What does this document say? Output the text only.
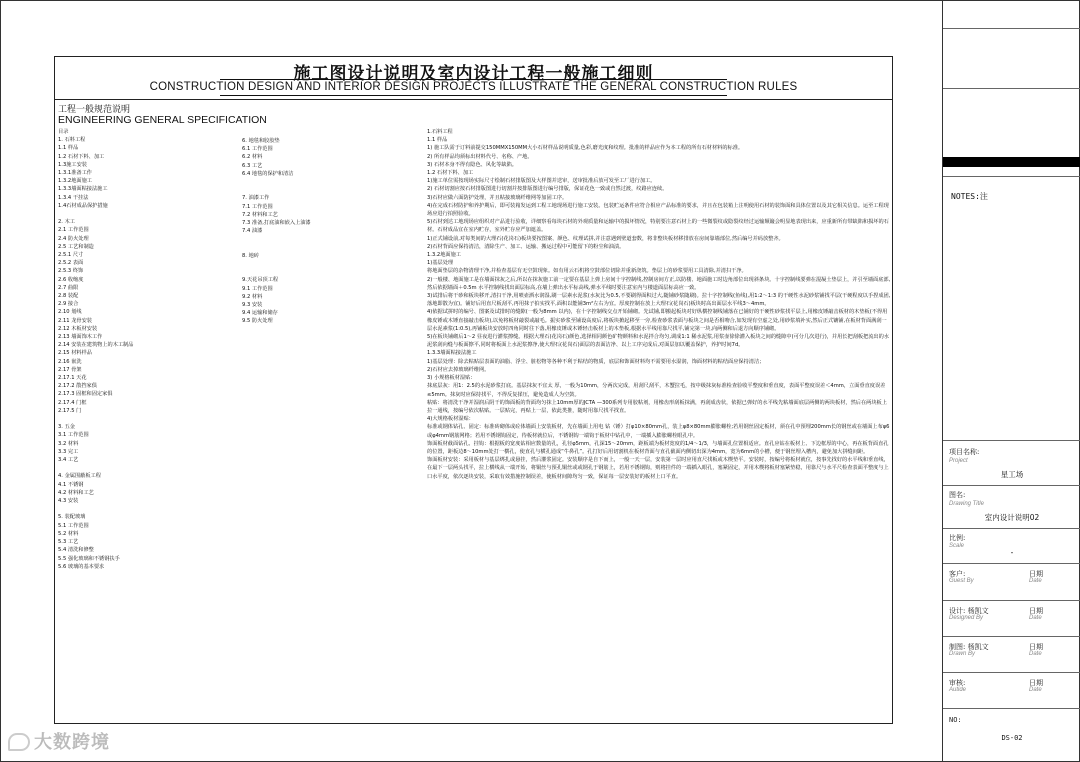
施工图设计说明及室内设计工程一般施工细则
CONSTRUCTION DESIGN AND INTERIOR DESIGN PROJECTS ILLUSTRATE THE GENERAL CONSTRUCTION RULES
工程一般规范说明
ENGINEERING GENERAL SPECIFICATION
目录
1. 石料工程
1.1 样品
1.2 石材下料、加工
1.3施工安装
1.3.1准备工作
1.3.2地面施工
1.3.3墙面粘接法施工
1.3.4 干挂法
1.4石材成品保护措施
2. 木工
2.1 工作范围
2.4 防火处理
2.5 工艺和制造
2.5.1 尺寸
2.5.2 表面
2.5.3 终饰
2.6 收缩度
2.7 曲限
2.8 装配
2.9 接合
2.10 划线
2.11 龙骨安装
2.12 木板材安装
2.13 墙面饰木工作
2.14 安装在建筑物上的木工制品
2.15 材料样品
2.16 嵌洗
2.17 骨架
2.17.1 天花
2.17.2 散挡家俱
2.17.3 固框和固定家俱
2.17.4 门框
2.17.5 门
3. 五金
3.1 工作范围
3.2 材料
3.3 完工
3.4 工艺
4. 金属围蔽板工程
4.1 不锈钢
4.2 材料和工艺
4.3 安装
5. 装配玻璃
5.1 工作范围
5.2 材料
5.3 工艺
5.4 清洗和修整
5.5 强化玻璃和不锈钢扶手
5.6 玻璃的基本要求
6. 地毯和胶胶垫
6.1 工作范围
6.2 材料
6.3 工艺
6.4 地毯的保护和清洁
7. 油漆工作
7.1 工作范围
7.2 材料和工艺
7.3 准备,打底油和嵌入上油漆
7.4 油漆
8. 地砖
9.天花吊顶工程
9.1 工作范围
9.2 材料
9.3 安装
9.4 运输和储存
9.5 防火处理
1.石料工程
1.1 样品
1) 施工队需于订料前提交150MMX150MM大小石材样品说明质量,色彩,磨光度和纹理。批准的样品应作为本工程的所有石材材料的标准。
2) 所有样品均须标出材料代号、名称、产地。
3) 石材本身不得有隐色、风化等缺陷。
1.2 石材下料、加工
1)施工单位需按现场实际尺寸绘制石材排版图及大样图并送审，送审批准后放可发至工厂进行加工。
2) 石材切割应按石材排版图进行切割并按排版图进行编号排版，保证花色一致或自然过渡，纹路应连续。
3)石材应做六面防护处理，并且粘接玻璃纤维网等加固工序。
4)在完成石材防护和养护期后，即可装箱发运到工程工地现场进行施工安装。包装贮运条件应符合相应产品标准的要求，并且在包装箱上注明使用石材的装饰面和具体位置以及其它相关信息。运至工程现场应进行拍照验收。
5)石材到达工地现场应组织对产品进行验收，详细察看每块石材的外观质量和运输中的损坏情况，特别要注意石材上的一些微裂纹或隐裂纹经过运输颠簸会明显地表现出来，应重新所有带缺陷和损坏的石材。石材成品宜在室内贮存，室外贮存应严加遮盖。
1)正式铺设前,对每类间的大理石(花岗石)板块要按图案、颜色、纹理试拼,并注意遇到壁道套数，将非整块板材移排放在房间靠墙部位,然后编号并码放整齐。
2)石材背面应保持清洁，清除生产、加工、运输、搬运过程中可能留下的粉尘和油渍。
1.3.2地面施工
1)基层处理
将地面垫层的杂物清理干净,并检查基层有无空鼓现象。如有用云石机将空鼓部位切除并重新浇筑。垫层上的砂浆要用工具清除,并清扫干净。
2)一般楼、地面施工是在墙面抹灰之后,所以在抹灰施工前一定要在基层上弹上房间十字控制线,控制房间方正,以防楼、地面施工时边角部位出现斜条块。十字控制线要弹在混凝土垫层上，并引至墙面底部,然后依据墙面＋0.5m 水平控制线找出面层标高,在墙上弹出水平标高线,弹水平线时要注意室内与楼道面层标高应一致。
3)试排后将干砂和板块移开,清扫干净,用喷壶洒水润湿,刷一层素水泥浆(水灰比为0.5,不要刷得面积过大,随铺砂浆随刷)。拉十字控制线(鱼线),用1:2～1:3 的干硬性水泥砂浆铺找平层(干硬程度以手捏成团,落地即散为宜)。铺好后用直尺板刮平,再用抹子拍实找平,面积以能铺3m²左右为宜。厚度控制在放上大理石(花岗石)板块时高出面层水平线3～4mm。
4)依据试拼时的编号、图案及试排时的缝隙(一般为8mm 以内)，在十字控制线交点开始铺砌。先试铺,即搬起板块对好纵横控制线铺落在已铺好的干硬性砂浆找平层上,用橡皮锤敲击板材的木垫板(不得用橡皮锤或木锤直接敲击板块),以免将板材敲裂或敲毛。振实砂浆至铺设高度后,将板块掀起移至一旁,检查砂浆表面与板块之间是否相吻合,如发现有空虚之处,用砂浆填补实,然后正式镶铺,在板材背面满刮一层水泥素浆(1:0.5),再铺板块安放时四角同时往下落,用橡皮锤或木锤轻击板材上的木垫板,根据水平线用靠尺找平,铺完第一块,向两侧和后退方向顺序铺砌。
5)在板块铺砌后1～2 昼夜进行灌浆擦缝。根据大理石(花岗石)颜色,选择相同颜色矿物颜料和水泥拌合均匀,调成1:1 稀水泥浆,用浆壶徐徐灌入板块之间的缝隙中(可分几次进行)，并用长把刮板把流出的水泥浆刮向缝与板面擦平,同时将板面上水泥浆擦净,使大理石(花岗石)面层的表面洁净、以上工序完成后,对面层加以覆盖保护，养护时间7d。
1.3.3墙面粘接法施工
1)基层处理：除去粘贴层表面的油脂、浮尘、脏松物等各种不利于粘结的物质，底层和饰面材料均不需要用水湿润，饰面材料的粘结面应保持清洁；
2)石材应去掉玻璃纤维网。
3) 小规格板材湿贴：
抹底层灰：用1：2.5的水泥砂浆打底。基层抹灰不宜太 厚，一般为10mm，分两次完成，用刮尺刮平，木蟹拉毛，按中级抹灰标准检查验收平整度和垂直度，表面平整度误差＜4mm，立面垂直度误差≤5mm。抹灰时应保持找平，不得反复揉压，避免造成人为空鼓。
粘贴：将清洗干净并湿润后阴干的饰面板的背面均匀抹上10mm厚的JCTA —300系列专用胶粘剂，用橡齿形刮板抹满，再刮成齿状，依据已弹好的水平线先粘墙面底层两侧的两块板材，然后在两块板上拉一通线，按编号依次粘贴。一层贴完，再贴上一层，依此类推，随时用靠尺找平找直。
4)大规格板材湿贴：
标准或钢体钻孔、固定：标准砖砌体或砼体墙面上安装板材，先在墙面上用电 钻（锤）打φ10×80mm孔，装上φ8×80mm膨胀螺栓;若用钢丝固定板材，须在孔中预埋200mm长的钢丝或在墙面上布φ6或φ4mm钢筋网格；若用不锈钢钩固定，待板材就位后，不锈钢钩一端钩于板材中钻孔中，一端插入膨胀螺栓眼孔中。
饰面板材截面钻孔、挂钩：根据板的宽度钻相应数量的孔，孔径φ5mm，孔深15～20mm，距板端为板材宽度的1/4～1/3，与墙面孔位置相适应。直孔应钻在板材上、下边框厚的中心，再在板背面直孔的位置，距板边8～10mm处打一横孔，使直孔与横孔通成“牛鼻孔”。孔打好后用切割机在板材背面与直孔截面内侧切出深为4mm，宽为6mm的小槽，便于钢丝埋入槽内，避免加大拼缝间距。
饰面板材安装：采用板材与基层绑扎或悬挂，然后灌浆固定。安装顺序是自下而上，一般一天一层，安装第一层时应用直尺找板或木楔垫平。安装时，按编号将板材就位，按事先找好的水平线和垂直线，在最下一层两头找平，拉上横线从一端开始，将铜丝与预孔铜丝或或钢孔于钢筋上，若用不锈钢钩，则将挂件的一端插入眼孔，塞紧固定，并用木楔将板材塞紧垫稳，用靠尺与水平尺检查表面平整度与上口水平度，依次逐块安装，采取有效措施控制误差，使板材间隙均匀一致，保证每一层安装好的板材上口平直。
NOTES:注
项目名称:
Project
星工场
图名:
Drawing Title
室内设计说明02
比例:
Scale
-
客户:
Guest By
日期
Date
设计: 杨凯文
Designed By
日期
Date
制图: 杨凯文
Drawn By
日期
Date
审核:
Autide
日期
Date
NO:
DS-02
大数跨境
